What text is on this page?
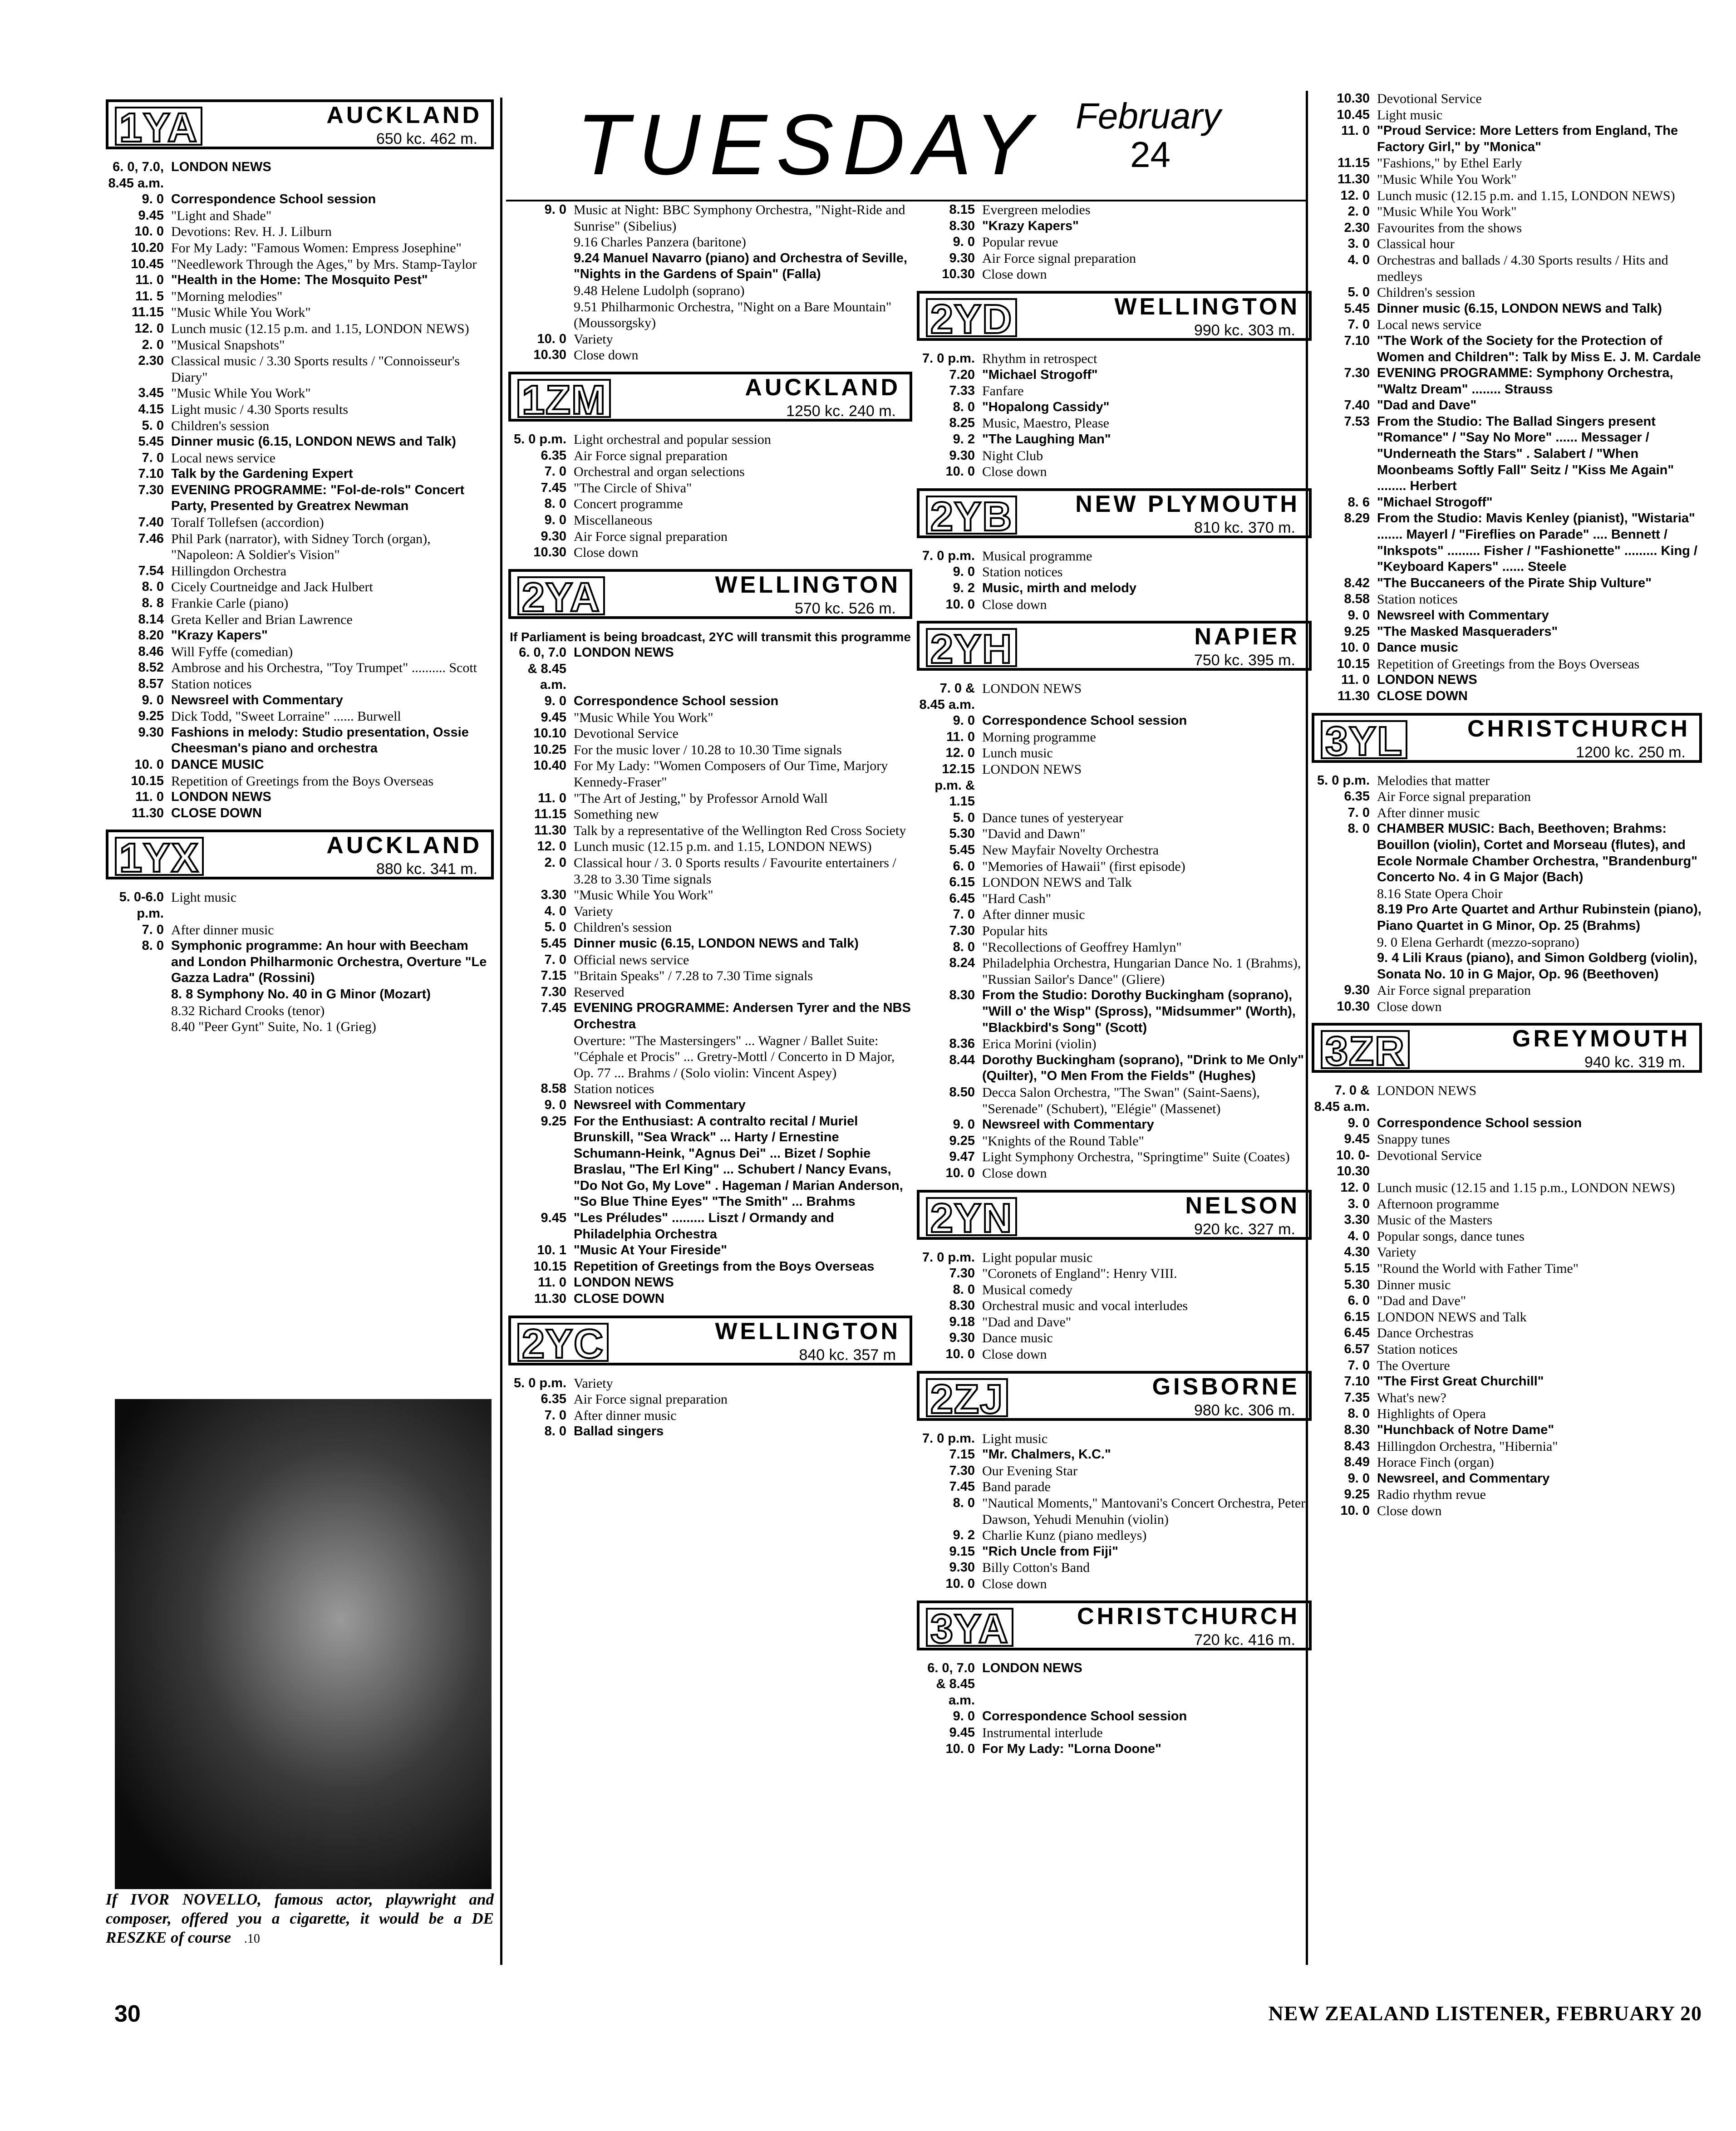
TUESDAY February
24
1YA	AUCKLAND
650 kc. 462 m.
6. 0, 7.0, 8.45 a.m.
LONDON NEWS
9. 0 Correspondence School session
9.45 "Light and Shade"
10. 0 Devotions: Rev. H. J. Lilburn
10.20 For My Lady: "Famous Women: Empress Josephine"
10.45 "Needlework Through the Ages," by Mrs. Stamp-Taylor
11. 0 "Health in the Home: The Mosquito Pest"
11. 5 "Morning melodies"
11.15 "Music While You Work"
12. 0 Lunch music (12.15 p.m. and 1.15, LONDON NEWS)
2. 0 "Musical Snapshots"
2.30 Classical music / 3.30 Sports results / "Connoisseur's Diary"
3.45 "Music While You Work"
4.15 Light music / 4.30 Sports results
5. 0 Children's session
5.45 Dinner music (6.15, LONDON NEWS and Talk)
7. 0 Local news service
7.10 Talk by the Gardening Expert
7.30 EVENING PROGRAMME: "Fol-de-rols" Concert Party, Presented by Greatrex Newman
7.40 Toralf Tollefsen (accordion)
7.46 Phil Park (narrator), with Sidney Torch (organ), "Napoleon: A Soldier's Vision"
7.54 Hillingdon Orchestra
8. 0 Cicely Courtneidge and Jack Hulbert
8. 8 Frankie Carle (piano)
8.14 Greta Keller and Brian Lawrence
8.20 "Krazy Kapers"
8.46 Will Fyffe (comedian)
8.52 Ambrose and his Orchestra, "Toy Trumpet" .......... Scott
8.57 Station notices
9. 0 Newsreel with Commentary
9.25 Dick Todd, "Sweet Lorraine" ...... Burwell
9.30 Fashions in melody: Studio presentation, Ossie Cheesman's piano and orchestra
10. 0 DANCE MUSIC
10.15 Repetition of Greetings from the Boys Overseas
11. 0 LONDON NEWS
11.30 CLOSE DOWN
1YX	AUCKLAND
880 kc. 341 m.
5. 0-6.0 p.m.
Light music
7. 0 After dinner music
8. 0 Symphonic programme: An hour with Beecham and London Philharmonic Orchestra, Overture "Le Gazza Ladra" (Rossini)
8. 8 Symphony No. 40 in G Minor (Mozart)
8.32 Richard Crooks (tenor)
8.40 "Peer Gynt" Suite, No. 1 (Grieg)
9. 0 Music at Night: BBC Symphony Orchestra, "Night-Ride and Sunrise" (Sibelius)
9.16 Charles Panzera (baritone)
9.24 Manuel Navarro (piano) and Orchestra of Seville, "Nights in the Gardens of Spain" (Falla)
9.48 Helene Ludolph (soprano)
9.51 Philharmonic Orchestra, "Night on a Bare Mountain" (Moussorgsky)
10. 0 Variety
10.30 Close down
1ZM	AUCKLAND
1250 kc. 240 m.
5. 0 p.m. Light orchestral and popular session
6.35 Air Force signal preparation
7. 0 Orchestral and organ selections
7.45 "The Circle of Shiva"
8. 0 Concert programme
9. 0 Miscellaneous
9.30 Air Force signal preparation
10.30 Close down
2YA	WELLINGTON
570 kc. 526 m.
If Parliament is being broadcast, 2YC will transmit this programme
6. 0, 7.0 & 8.45 a.m.
LONDON NEWS
9. 0 Correspondence School session
9.45 "Music While You Work"
10.10 Devotional Service
10.25 For the music lover / 10.28 to 10.30 Time signals
10.40 For My Lady: "Women Composers of Our Time, Marjory Kennedy-Fraser"
11. 0 "The Art of Jesting," by Professor Arnold Wall
11.15 Something new
11.30 Talk by a representative of the Wellington Red Cross Society
12. 0 Lunch music (12.15 p.m. and 1.15, LONDON NEWS)
2. 0 Classical hour / 3. 0 Sports results / Favourite entertainers / 3.28 to 3.30 Time signals
3.30 "Music While You Work"
4. 0 Variety
5. 0 Children's session
5.45 Dinner music (6.15, LONDON NEWS and Talk)
7. 0 Official news service
7.15 "Britain Speaks" / 7.28 to 7.30 Time signals
7.30 Reserved
7.45 EVENING PROGRAMME: Andersen Tyrer and the NBS Orchestra
Overture: "The Mastersingers" ... Wagner / Ballet Suite: "Céphale et Procis" ... Gretry-Mottl / Concerto in D Major, Op. 77 ... Brahms / (Solo violin: Vincent Aspey)
8.58 Station notices
9. 0 Newsreel with Commentary
9.25 For the Enthusiast: A contralto recital / Muriel Brunskill, "Sea Wrack" ... Harty / Ernestine Schumann-Heink, "Agnus Dei" ... Bizet / Sophie Braslau, "The Erl King" ... Schubert / Nancy Evans, "Do Not Go, My Love" . Hageman / Marian Anderson, "So Blue Thine Eyes" "The Smith" ... Brahms
9.45 "Les Préludes" ......... Liszt / Ormandy and Philadelphia Orchestra
10. 1 "Music At Your Fireside"
10.15 Repetition of Greetings from the Boys Overseas
11. 0 LONDON NEWS
11.30 CLOSE DOWN
2YC	WELLINGTON
840 kc. 357 m
5. 0 p.m. Variety
6.35 Air Force signal preparation
7. 0 After dinner music
8. 0 Ballad singers
8.15 Evergreen melodies
8.30 "Krazy Kapers"
9. 0 Popular revue
9.30 Air Force signal preparation
10.30 Close down
2YD	WELLINGTON
990 kc. 303 m.
7. 0 p.m. Rhythm in retrospect
7.20 "Michael Strogoff"
7.33 Fanfare
8. 0 "Hopalong Cassidy"
8.25 Music, Maestro, Please
9. 2 "The Laughing Man"
9.30 Night Club
10. 0 Close down
2YB	NEW PLYMOUTH
810 kc. 370 m.
7. 0 p.m. Musical programme
9. 0 Station notices
9. 2 Music, mirth and melody
10. 0 Close down
2YH	NAPIER
750 kc. 395 m.
7. 0 & 8.45 a.m.
LONDON NEWS
9. 0 Correspondence School session
11. 0 Morning programme
12. 0 Lunch music
12.15 p.m. & 1.15
LONDON NEWS
5. 0 Dance tunes of yesteryear
5.30 "David and Dawn"
5.45 New Mayfair Novelty Orchestra
6. 0 "Memories of Hawaii" (first episode)
6.15 LONDON NEWS and Talk
6.45 "Hard Cash"
7. 0 After dinner music
7.30 Popular hits
8. 0 "Recollections of Geoffrey Hamlyn"
8.24 Philadelphia Orchestra, Hungarian Dance No. 1 (Brahms), "Russian Sailor's Dance" (Gliere)
8.30 From the Studio: Dorothy Buckingham (soprano), "Will o' the Wisp" (Spross), "Midsummer" (Worth), "Blackbird's Song" (Scott)
8.36 Erica Morini (violin)
8.44 Dorothy Buckingham (soprano), "Drink to Me Only" (Quilter), "O Men From the Fields" (Hughes)
8.50 Decca Salon Orchestra, "The Swan" (Saint-Saens), "Serenade" (Schubert), "Elégie" (Massenet)
9. 0 Newsreel with Commentary
9.25 "Knights of the Round Table"
9.47 Light Symphony Orchestra, "Springtime" Suite (Coates)
10. 0 Close down
2YN	NELSON
920 kc. 327 m.
7. 0 p.m. Light popular music
7.30 "Coronets of England": Henry VIII.
8. 0 Musical comedy
8.30 Orchestral music and vocal interludes
9.18 "Dad and Dave"
9.30 Dance music
10. 0 Close down
2ZJ	GISBORNE
980 kc. 306 m.
7. 0 p.m. Light music
7.15 "Mr. Chalmers, K.C."
7.30 Our Evening Star
7.45 Band parade
8. 0 "Nautical Moments," Mantovani's Concert Orchestra, Peter Dawson, Yehudi Menuhin (violin)
9. 2 Charlie Kunz (piano medleys)
9.15 "Rich Uncle from Fiji"
9.30 Billy Cotton's Band
10. 0 Close down
3YA	CHRISTCHURCH
720 kc. 416 m.
6. 0, 7.0 & 8.45 a.m.
LONDON NEWS
9. 0 Correspondence School session
9.45 Instrumental interlude
10. 0 For My Lady: "Lorna Doone"
10.30 Devotional Service
10.45 Light music
11. 0 "Proud Service: More Letters from England, The Factory Girl," by "Monica"
11.15 "Fashions," by Ethel Early
11.30 "Music While You Work"
12. 0 Lunch music (12.15 p.m. and 1.15, LONDON NEWS)
2. 0 "Music While You Work"
2.30 Favourites from the shows
3. 0 Classical hour
4. 0 Orchestras and ballads / 4.30 Sports results / Hits and medleys
5. 0 Children's session
5.45 Dinner music (6.15, LONDON NEWS and Talk)
7. 0 Local news service
7.10 "The Work of the Society for the Protection of Women and Children": Talk by Miss E. J. M. Cardale
7.30 EVENING PROGRAMME: Symphony Orchestra, "Waltz Dream" ........ Strauss
7.40 "Dad and Dave"
7.53 From the Studio: The Ballad Singers present "Romance" / "Say No More" ...... Messager / "Underneath the Stars" . Salabert / "When Moonbeams Softly Fall" Seitz / "Kiss Me Again" ........ Herbert
8. 6 "Michael Strogoff"
8.29 From the Studio: Mavis Kenley (pianist), "Wistaria" ....... Mayerl / "Fireflies on Parade" .... Bennett / "Inkspots" ......... Fisher / "Fashionette" ......... King / "Keyboard Kapers" ...... Steele
8.42 "The Buccaneers of the Pirate Ship Vulture"
8.58 Station notices
9. 0 Newsreel with Commentary
9.25 "The Masked Masqueraders"
10. 0 Dance music
10.15 Repetition of Greetings from the Boys Overseas
11. 0 LONDON NEWS
11.30 CLOSE DOWN
3YL	CHRISTCHURCH
1200 kc. 250 m.
5. 0 p.m. Melodies that matter
6.35 Air Force signal preparation
7. 0 After dinner music
8. 0 CHAMBER MUSIC: Bach, Beethoven; Brahms: Bouillon (violin), Cortet and Morseau (flutes), and Ecole Normale Chamber Orchestra, "Brandenburg" Concerto No. 4 in G Major (Bach)
8.16 State Opera Choir
8.19 Pro Arte Quartet and Arthur Rubinstein (piano), Piano Quartet in G Minor, Op. 25 (Brahms)
9. 0 Elena Gerhardt (mezzo-soprano)
9. 4 Lili Kraus (piano), and Simon Goldberg (violin), Sonata No. 10 in G Major, Op. 96 (Beethoven)
9.30 Air Force signal preparation
10.30 Close down
3ZR	GREYMOUTH
940 kc. 319 m.
7. 0 & 8.45 a.m.
LONDON NEWS
9. 0 Correspondence School session
9.45 Snappy tunes
10. 0-10.30
Devotional Service
12. 0 Lunch music (12.15 and 1.15 p.m., LONDON NEWS)
3. 0 Afternoon programme
3.30 Music of the Masters
4. 0 Popular songs, dance tunes
4.30 Variety
5.15 "Round the World with Father Time"
5.30 Dinner music
6. 0 "Dad and Dave"
6.15 LONDON NEWS and Talk
6.45 Dance Orchestras
6.57 Station notices
7. 0 The Overture
7.10 "The First Great Churchill"
7.35 What's new?
8. 0 Highlights of Opera
8.30 "Hunchback of Notre Dame"
8.43 Hillingdon Orchestra, "Hibernia"
8.49 Horace Finch (organ)
9. 0 Newsreel, and Commentary
9.25 Radio rhythm revue
10. 0 Close down
If IVOR NOVELLO, famous actor, playwright and composer, offered you a cigarette, it would be a DE RESZKE of course .10
30	NEW ZEALAND LISTENER, FEBRUARY 20
